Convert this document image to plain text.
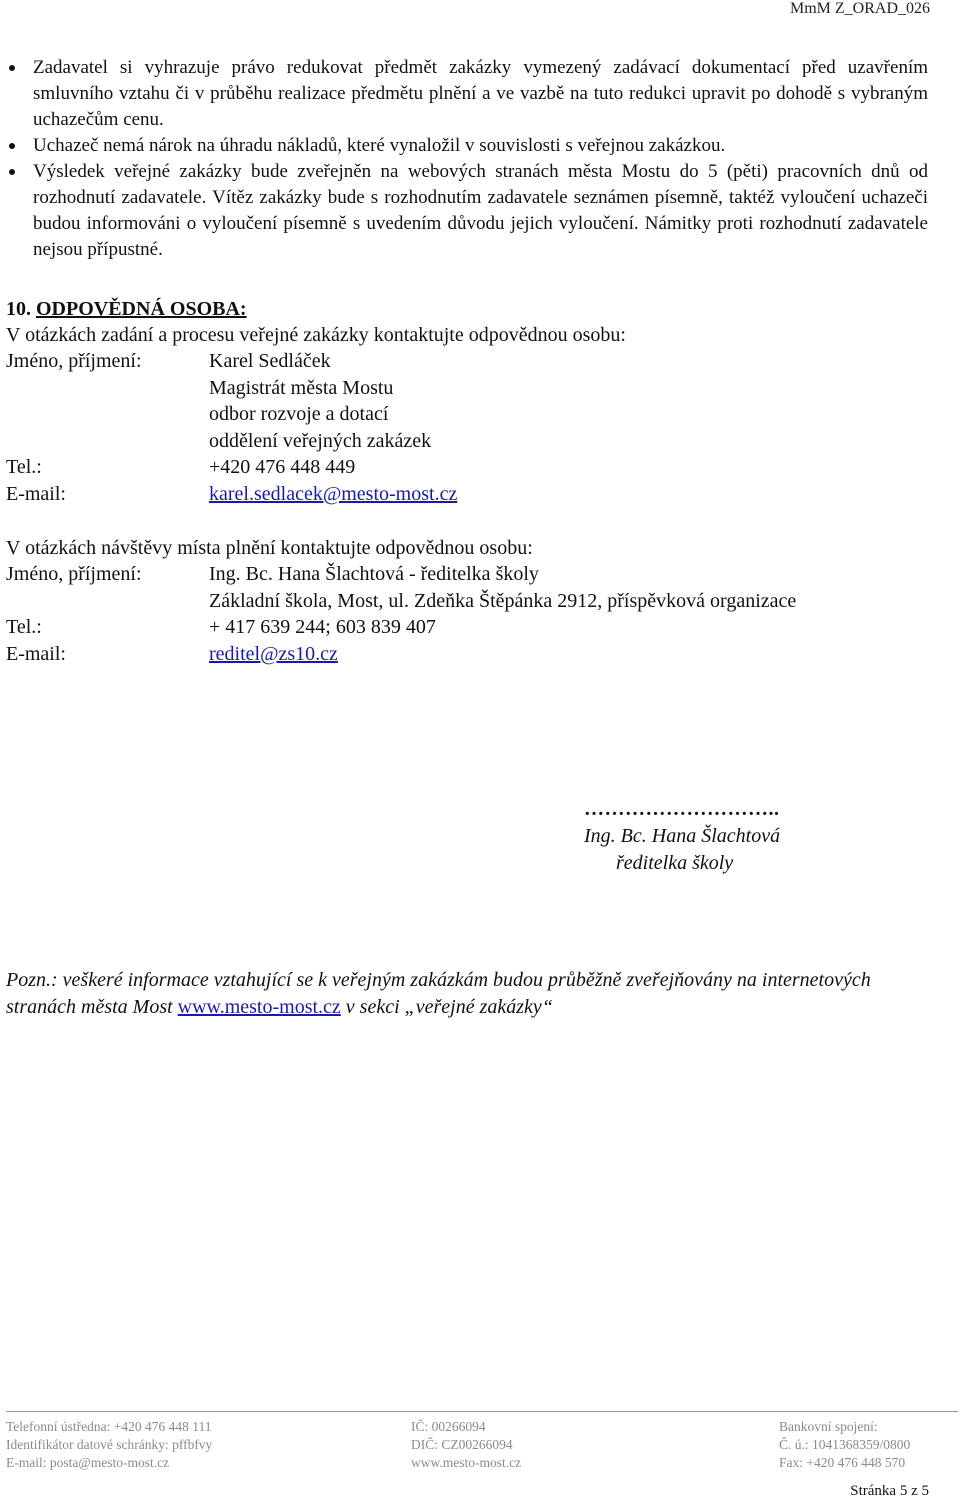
MmM Z_ORAD_026
Zadavatel si vyhrazuje právo redukovat předmět zakázky vymezený zadávací dokumentací před uzavřením smluvního vztahu či v průběhu realizace předmětu plnění a ve vazbě na tuto redukci upravit po dohodě s vybraným uchazečům cenu.
Uchazeč nemá nárok na úhradu nákladů, které vynaložil v souvislosti s veřejnou zakázkou.
Výsledek veřejné zakázky bude zveřejněn na webových stranách města Mostu do 5 (pěti) pracovních dnů od rozhodnutí zadavatele. Vítěz zakázky bude s rozhodnutím zadavatele seznámen písemně, taktéž vyloučení uchazeči budou informováni o vyloučení písemně s uvedením důvodu jejich vyloučení. Námitky proti rozhodnutí zadavatele nejsou přípustné.
10. ODPOVĚDNÁ OSOBA:
V otázkách zadání a procesu veřejné zakázky kontaktujte odpovědnou osobu:
Jméno, příjmení:	Karel Sedláček
Magistrát města Mostu
odbor rozvoje a dotací
oddělení veřejných zakázek
Tel.:	+420 476 448 449
E-mail:	karel.sedlacek@mesto-most.cz
V otázkách návštěvy místa plnění kontaktujte odpovědnou osobu:
Jméno, příjmení:	Ing. Bc. Hana Šlachtová - ředitelka školy
Základní škola, Most, ul. Zdeňka Štěpánka 2912, příspěvková organizace
Tel.:	+ 417 639 244; 603 839 407
E-mail:	reditel@zs10.cz
………………………..
Ing. Bc. Hana Šlachtová
ředitelka školy
Pozn.: veškeré informace vztahující se k veřejným zakázkám budou průběžně zveřejňovány na internetových stranách města Most www.mesto-most.cz v sekci „veřejné zakázky“
Telefonní ústředna: +420 476 448 111
Identifikátor datové schránky: pffbfvy
E-mail: posta@mesto-most.cz
IČ: 00266094
DIČ: CZ00266094
www.mesto-most.cz
Bankovní spojení:
Č. ú.: 1041368359/0800
Fax: +420 476 448 570
Stránka 5 z 5
